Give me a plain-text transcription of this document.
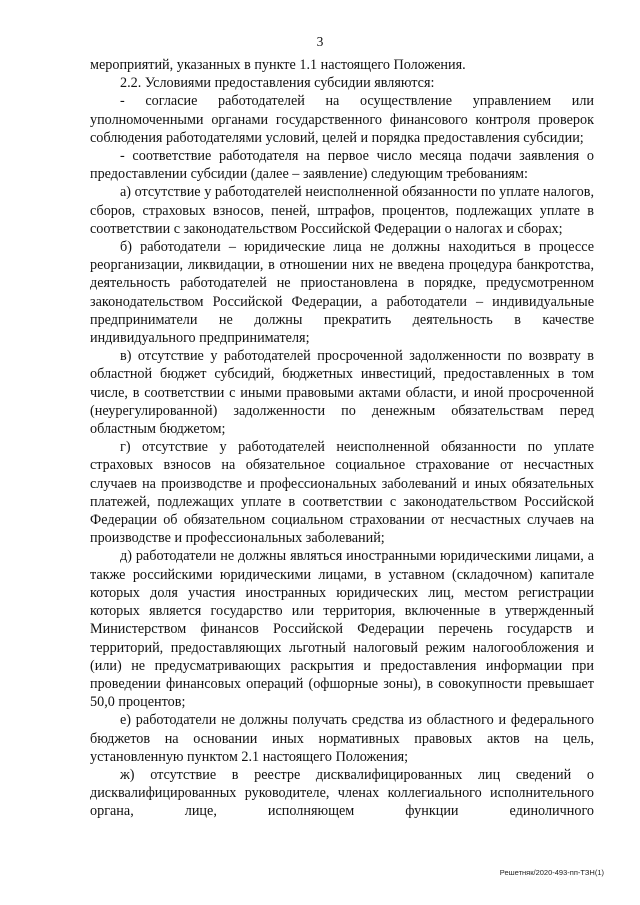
3

мероприятий, указанных в пункте 1.1 настоящего Положения.

2.2. Условиями предоставления субсидии являются:

- согласие работодателей на осуществление управлением или уполномоченными органами государственного финансового контроля проверок соблюдения работодателями условий, целей и порядка предоставления субсидии;

- соответствие работодателя на первое число месяца подачи заявления о предоставлении субсидии (далее – заявление) следующим требованиям:

а) отсутствие у работодателей неисполненной обязанности по уплате налогов, сборов, страховых взносов, пеней, штрафов, процентов, подлежащих уплате в соответствии с законодательством Российской Федерации о налогах и сборах;

б) работодатели – юридические лица не должны находиться в процессе реорганизации, ликвидации, в отношении них не введена процедура банкротства, деятельность работодателей не приостановлена в порядке, предусмотренном законодательством Российской Федерации, а работодатели – индивидуальные предприниматели не должны прекратить деятельность в качестве индивидуального предпринимателя;

в) отсутствие у работодателей просроченной задолженности по возврату в областной бюджет субсидий, бюджетных инвестиций, предоставленных в том числе, в соответствии с иными правовыми актами области, и иной просроченной (неурегулированной) задолженности по денежным обязательствам перед областным бюджетом;

г) отсутствие у работодателей неисполненной обязанности по уплате страховых взносов на обязательное социальное страхование от несчастных случаев на производстве и профессиональных заболеваний и иных обязательных платежей, подлежащих уплате в соответствии с законодательством Российской Федерации об обязательном социальном страховании от несчастных случаев на производстве и профессиональных заболеваний;

д) работодатели не должны являться иностранными юридическими лицами, а также российскими юридическими лицами, в уставном (складочном) капитале которых доля участия иностранных юридических лиц, местом регистрации которых является государство или территория, включенные в утвержденный Министерством финансов Российской Федерации перечень государств и территорий, предоставляющих льготный налоговый режим налогообложения и (или) не предусматривающих раскрытия и предоставления информации при проведении финансовых операций (офшорные зоны), в совокупности превышает 50,0 процентов;

е) работодатели не должны получать средства из областного и федерального бюджетов на основании иных нормативных правовых актов на цель, установленную пунктом 2.1 настоящего Положения;

ж) отсутствие в реестре дисквалифицированных лиц сведений о дисквалифицированных руководителе, членах коллегиального исполнительного органа, лице, исполняющем функции единоличного

Решетняк/2020-493-пп-ТЗН(1)
